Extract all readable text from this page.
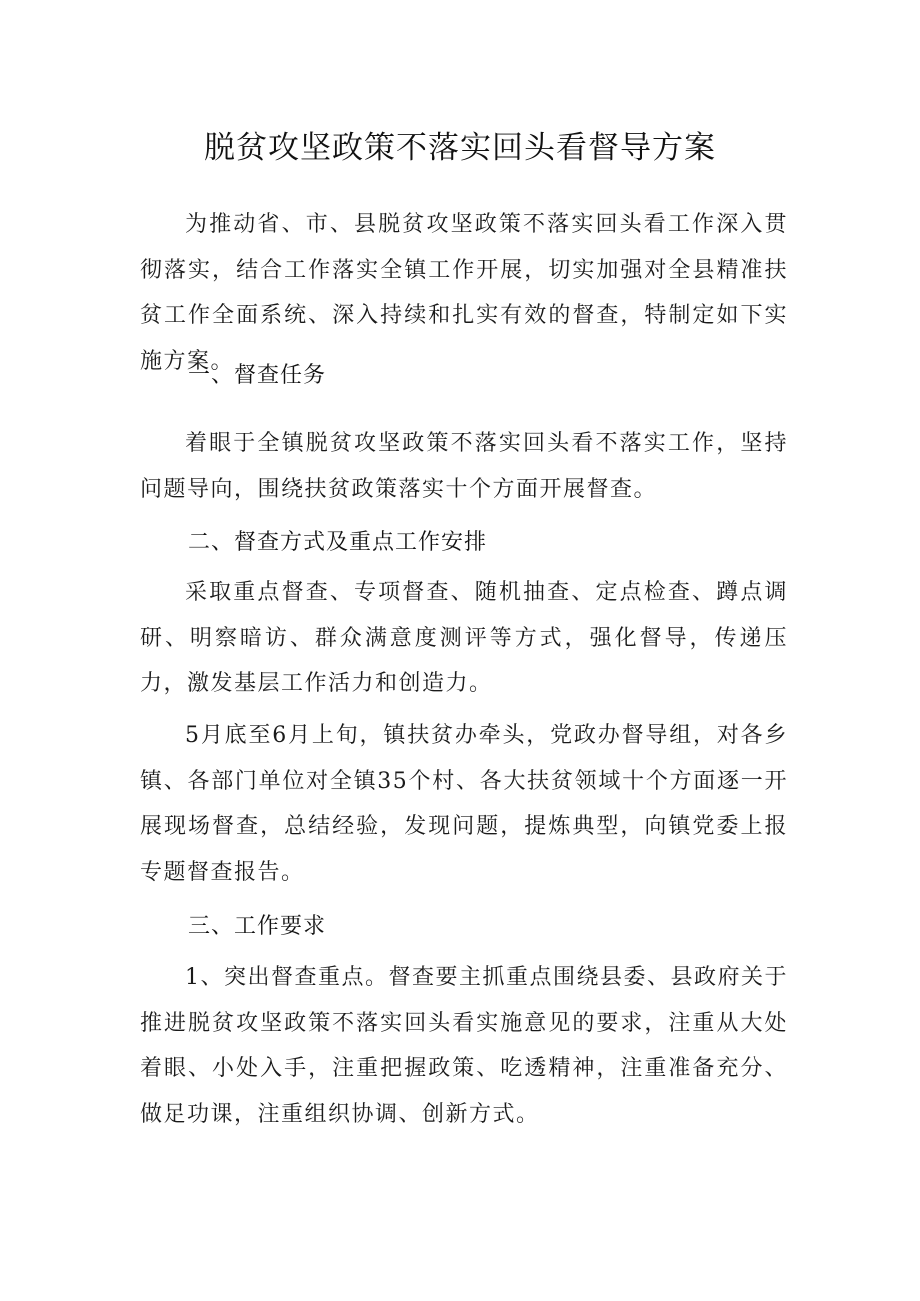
脱贫攻坚政策不落实回头看督导方案
为推动省、市、县脱贫攻坚政策不落实回头看工作深入贯彻落实，结合工作落实全镇工作开展，切实加强对全县精准扶贫工作全面系统、深入持续和扎实有效的督查，特制定如下实施方案。
一、督查任务
着眼于全镇脱贫攻坚政策不落实回头看不落实工作，坚持问题导向，围绕扶贫政策落实十个方面开展督查。
二、督查方式及重点工作安排
采取重点督查、专项督查、随机抽查、定点检查、蹲点调研、明察暗访、群众满意度测评等方式，强化督导，传递压力，激发基层工作活力和创造力。
5月底至6月上旬，镇扶贫办牵头，党政办督导组，对各乡镇、各部门单位对全镇35个村、各大扶贫领域十个方面逐一开展现场督查，总结经验，发现问题，提炼典型，向镇党委上报专题督查报告。
三、工作要求
1、突出督查重点。督查要主抓重点围绕县委、县政府关于推进脱贫攻坚政策不落实回头看实施意见的要求，注重从大处着眼、小处入手，注重把握政策、吃透精神，注重准备充分、做足功课，注重组织协调、创新方式。
